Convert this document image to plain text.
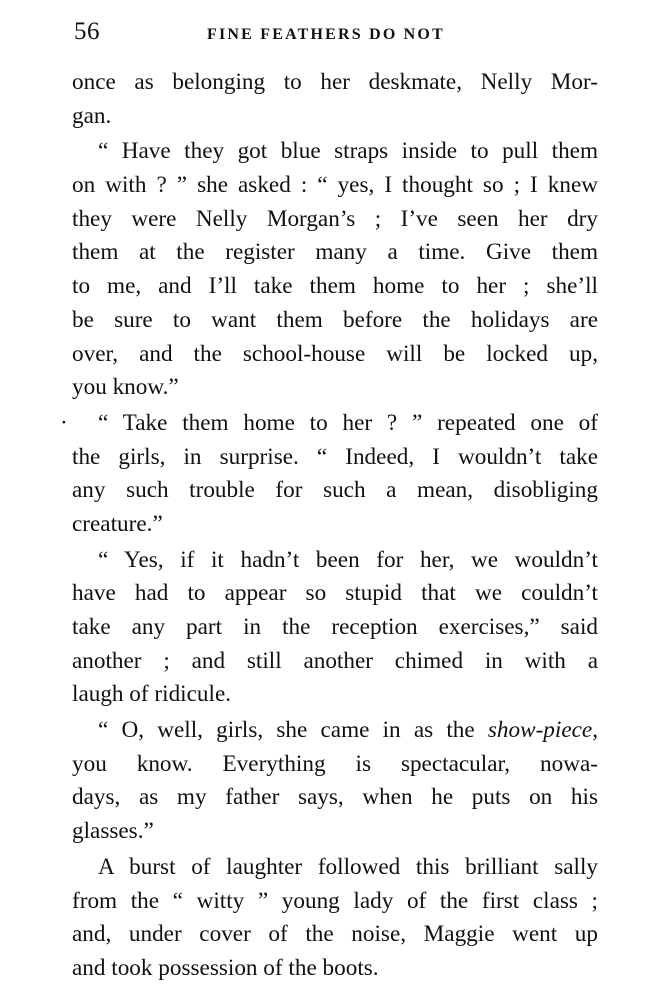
56	FINE FEATHERS DO NOT
once as belonging to her deskmate, Nelly Mor-
gan.
“ Have they got blue straps inside to pull them
on with ? ” she asked : “ yes, I thought so ; I knew
they were Nelly Morgan’s ; I’ve seen her dry
them at the register many a time. Give them
to me, and I’ll take them home to her ; she’ll
be sure to want them before the holidays are
over, and the school-house will be locked up,
you know.”
·	“ Take them home to her ? ” repeated one of
the girls, in surprise. “ Indeed, I wouldn’t take
any such trouble for such a mean, disobliging
creature.”
“ Yes, if it hadn’t been for her, we wouldn’t
have had to appear so stupid that we couldn’t
take any part in the reception exercises,” said
another ; and still another chimed in with a
laugh of ridicule.
“ O, well, girls, she came in as the show-piece,
you know. Everything is spectacular, nowa-
days, as my father says, when he puts on his
glasses.”
A burst of laughter followed this brilliant sally
from the “ witty ” young lady of the first class ;
and, under cover of the noise, Maggie went up
and took possession of the boots.
